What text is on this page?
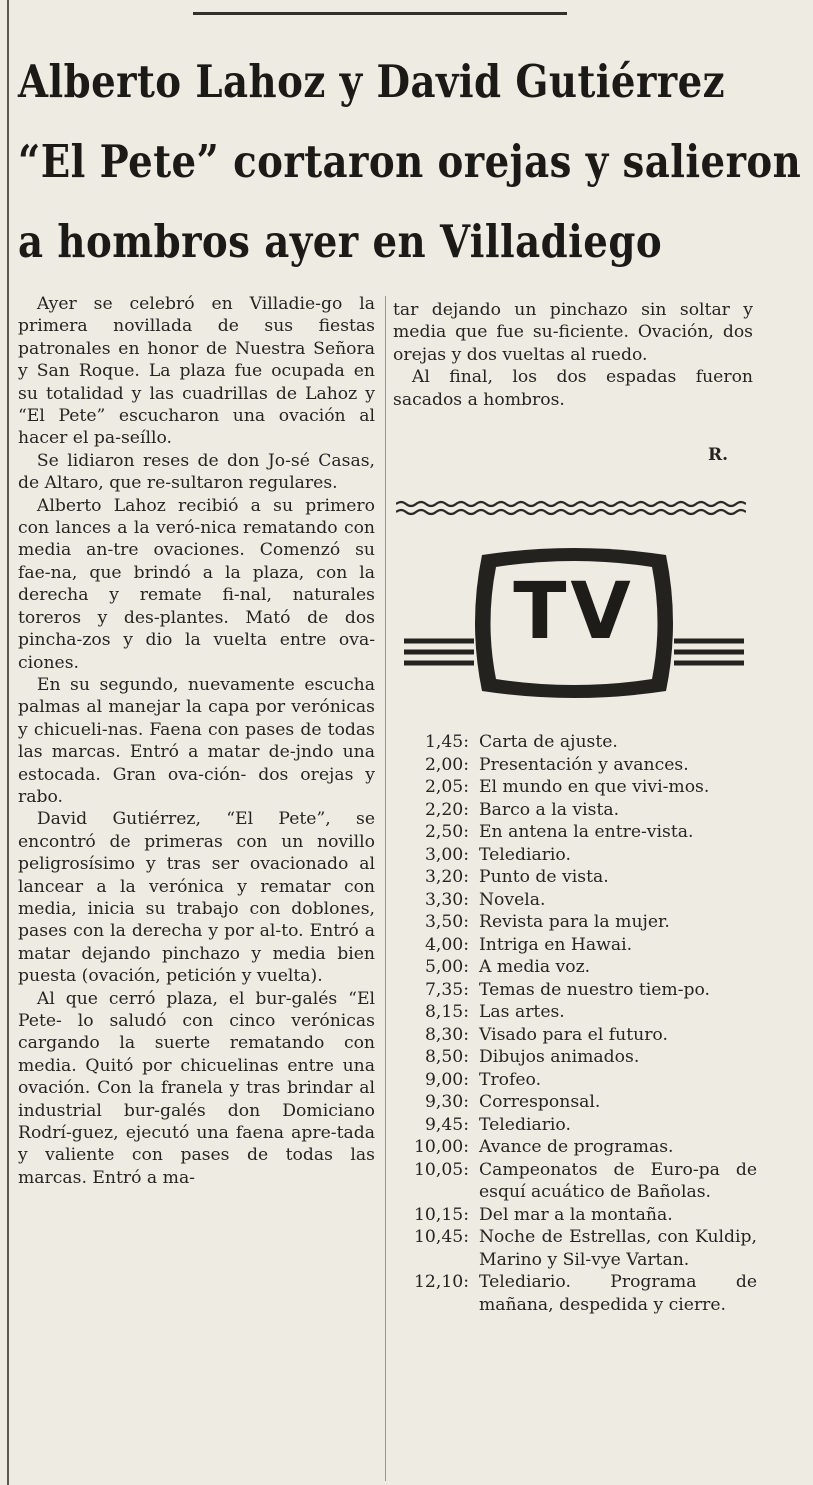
Alberto Lahoz y David Gutiérrez
“El Pete” cortaron orejas y salieron
a hombros ayer en Villadiego

Ayer se celebró en Villadie-go la primera novillada de sus fiestas patronales en honor de Nuestra Señora y San Roque. La plaza fue ocupada en su totalidad y las cuadrillas de Lahoz y “El Pete” escucharon una ovación al hacer el pa-seíllo.

Se lidiaron reses de don Jo-sé Casas, de Altaro, que re-sultaron regulares.

Alberto Lahoz recibió a su primero con lances a la veró-nica rematando con media an-tre ovaciones. Comenzó su fae-na, que brindó a la plaza, con la derecha y remate fi-nal, naturales toreros y des-plantes. Mató de dos pincha-zos y dio la vuelta entre ova-ciones.

En su segundo, nuevamente escucha palmas al manejar la capa por verónicas y chicueli-nas. Faena con pases de todas las marcas. Entró a matar de-jndo una estocada. Gran ova-ción- dos orejas y rabo.

David Gutiérrez, “El Pete”, se encontró de primeras con un novillo peligrosísimo y tras ser ovacionado al lancear a la verónica y rematar con media, inicia su trabajo con doblones, pases con la derecha y por al-to. Entró a matar dejando pinchazo y media bien puesta (ovación, petición y vuelta).

Al que cerró plaza, el bur-galés “El Pete- lo saludó con cinco verónicas cargando la suerte rematando con media. Quitó por chicuelinas entre una ovación. Con la franela y tras brindar al industrial bur-galés don Domiciano Rodrí-guez, ejecutó una faena apre-tada y valiente con pases de todas las marcas. Entró a ma-

tar dejando un pinchazo sin soltar y media que fue su-ficiente. Ovación, dos orejas y dos vueltas al ruedo.

Al final, los dos espadas fueron sacados a hombros.

R.
TV
1,45: Carta de ajuste.
2,00: Presentación y avances.
2,05: El mundo en que vivi-mos.
2,20: Barco a la vista.
2,50: En antena la entre-vista.
3,00: Telediario.
3,20: Punto de vista.
3,30: Novela.
3,50: Revista para la mujer.
4,00: Intriga en Hawai.
5,00: A media voz.
7,35: Temas de nuestro tiem-po.
8,15: Las artes.
8,30: Visado para el futuro.
8,50: Dibujos animados.
9,00: Trofeo.
9,30: Corresponsal.
9,45: Telediario.
10,00: Avance de programas.
10,05: Campeonatos de Euro-pa de esquí acuático de Bañolas.
10,15: Del mar a la montaña.
10,45: Noche de Estrellas, con Kuldip, Marino y Sil-vye Vartan.
12,10: Telediario. Programa de mañana, despedida y cierre.
